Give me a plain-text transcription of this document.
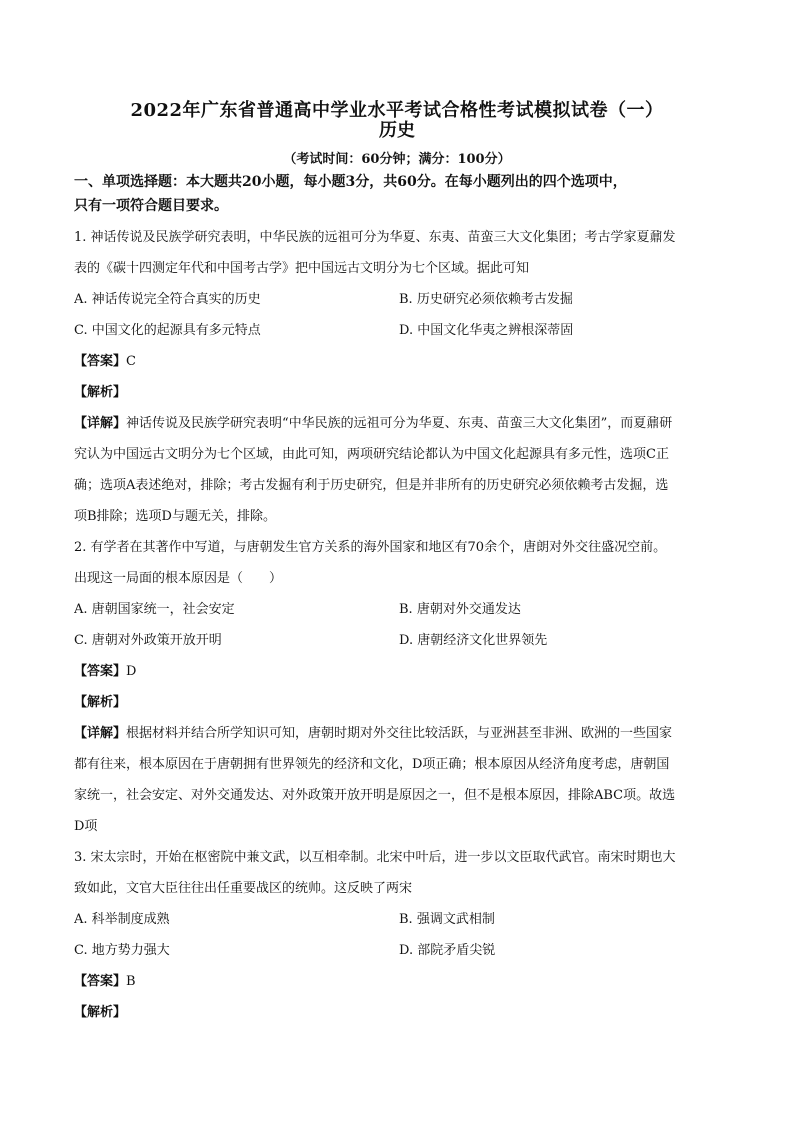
2022年广东省普通高中学业水平考试合格性考试模拟试卷（一）
历史
（考试时间：60分钟；满分：100分）
一、单项选择题：本大题共20小题，每小题3分，共60分。在每小题列出的四个选项中，
只有一项符合题目要求。
1. 神话传说及民族学研究表明，中华民族的远祖可分为华夏、东夷、苗蛮三大文化集团；考古学家夏鼐发
表的《碳十四测定年代和中国考古学》把中国远古文明分为七个区域。据此可知
A. 神话传说完全符合真实的历史	B. 历史研究必须依赖考古发掘
C. 中国文化的起源具有多元特点	D. 中国文化华夷之辨根深蒂固
【答案】C
【解析】
【详解】神话传说及民族学研究表明“中华民族的远祖可分为华夏、东夷、苗蛮三大文化集团”，而夏鼐研
究认为中国远古文明分为七个区域，由此可知，两项研究结论都认为中国文化起源具有多元性，选项C正
确；选项A表述绝对，排除；考古发掘有利于历史研究，但是并非所有的历史研究必须依赖考古发掘，选
项B排除；选项D与题无关，排除。
2. 有学者在其著作中写道，与唐朝发生官方关系的海外国家和地区有70余个，唐朗对外交往盛况空前。
出现这一局面的根本原因是（　　）
A. 唐朝国家统一，社会安定	B. 唐朝对外交通发达
C. 唐朝对外政策开放开明	D. 唐朝经济文化世界领先
【答案】D
【解析】
【详解】根据材料并结合所学知识可知，唐朝时期对外交往比较活跃，与亚洲甚至非洲、欧洲的一些国家
都有往来，根本原因在于唐朝拥有世界领先的经济和文化，D项正确；根本原因从经济角度考虑，唐朝国
家统一，社会安定、对外交通发达、对外政策开放开明是原因之一，但不是根本原因，排除ABC项。故选
D项
3. 宋太宗时，开始在枢密院中兼文武，以互相牵制。北宋中叶后，进一步以文臣取代武官。南宋时期也大
致如此，文官大臣往往出任重要战区的统帅。这反映了两宋
A. 科举制度成熟	B. 强调文武相制
C. 地方势力强大	D. 部院矛盾尖锐
【答案】B
【解析】
